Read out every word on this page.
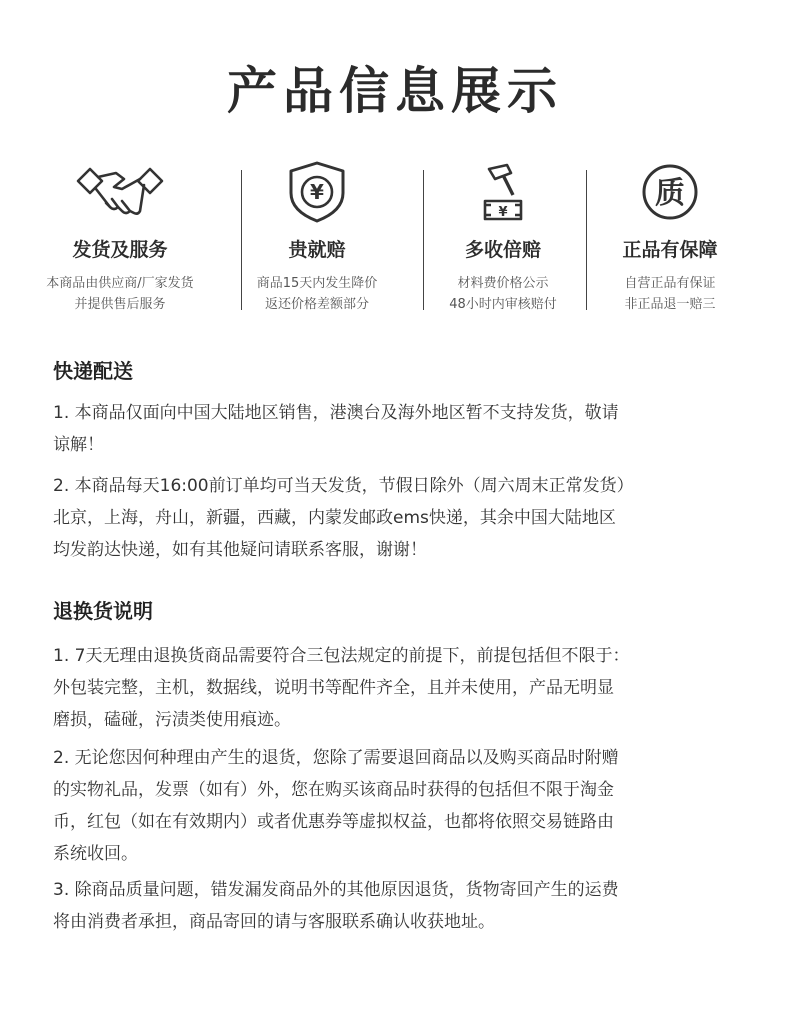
产品信息展示
发货及服务
本商品由供应商/厂家发货
并提供售后服务
¥
贵就赔
商品15天内发生降价
返还价格差额部分
¥
多收倍赔
材料费价格公示
48小时内审核赔付
质
正品有保障
自营正品有保证
非正品退一赔三
快递配送
1. 本商品仅面向中国大陆地区销售，港澳台及海外地区暂不支持发货，敬请
谅解！
2. 本商品每天16:00前订单均可当天发货，节假日除外（周六周末正常发货）
北京，上海，舟山，新疆，西藏，内蒙发邮政ems快递，其余中国大陆地区
均发韵达快递，如有其他疑问请联系客服，谢谢！
退换货说明
1. 7天无理由退换货商品需要符合三包法规定的前提下，前提包括但不限于：
外包装完整，主机，数据线，说明书等配件齐全，且并未使用，产品无明显
磨损，磕碰，污渍类使用痕迹。
2. 无论您因何种理由产生的退货，您除了需要退回商品以及购买商品时附赠
的实物礼品，发票（如有）外，您在购买该商品时获得的包括但不限于淘金
币，红包（如在有效期内）或者优惠券等虚拟权益，也都将依照交易链路由
系统收回。
3. 除商品质量问题，错发漏发商品外的其他原因退货，货物寄回产生的运费
将由消费者承担，商品寄回的请与客服联系确认收获地址。
